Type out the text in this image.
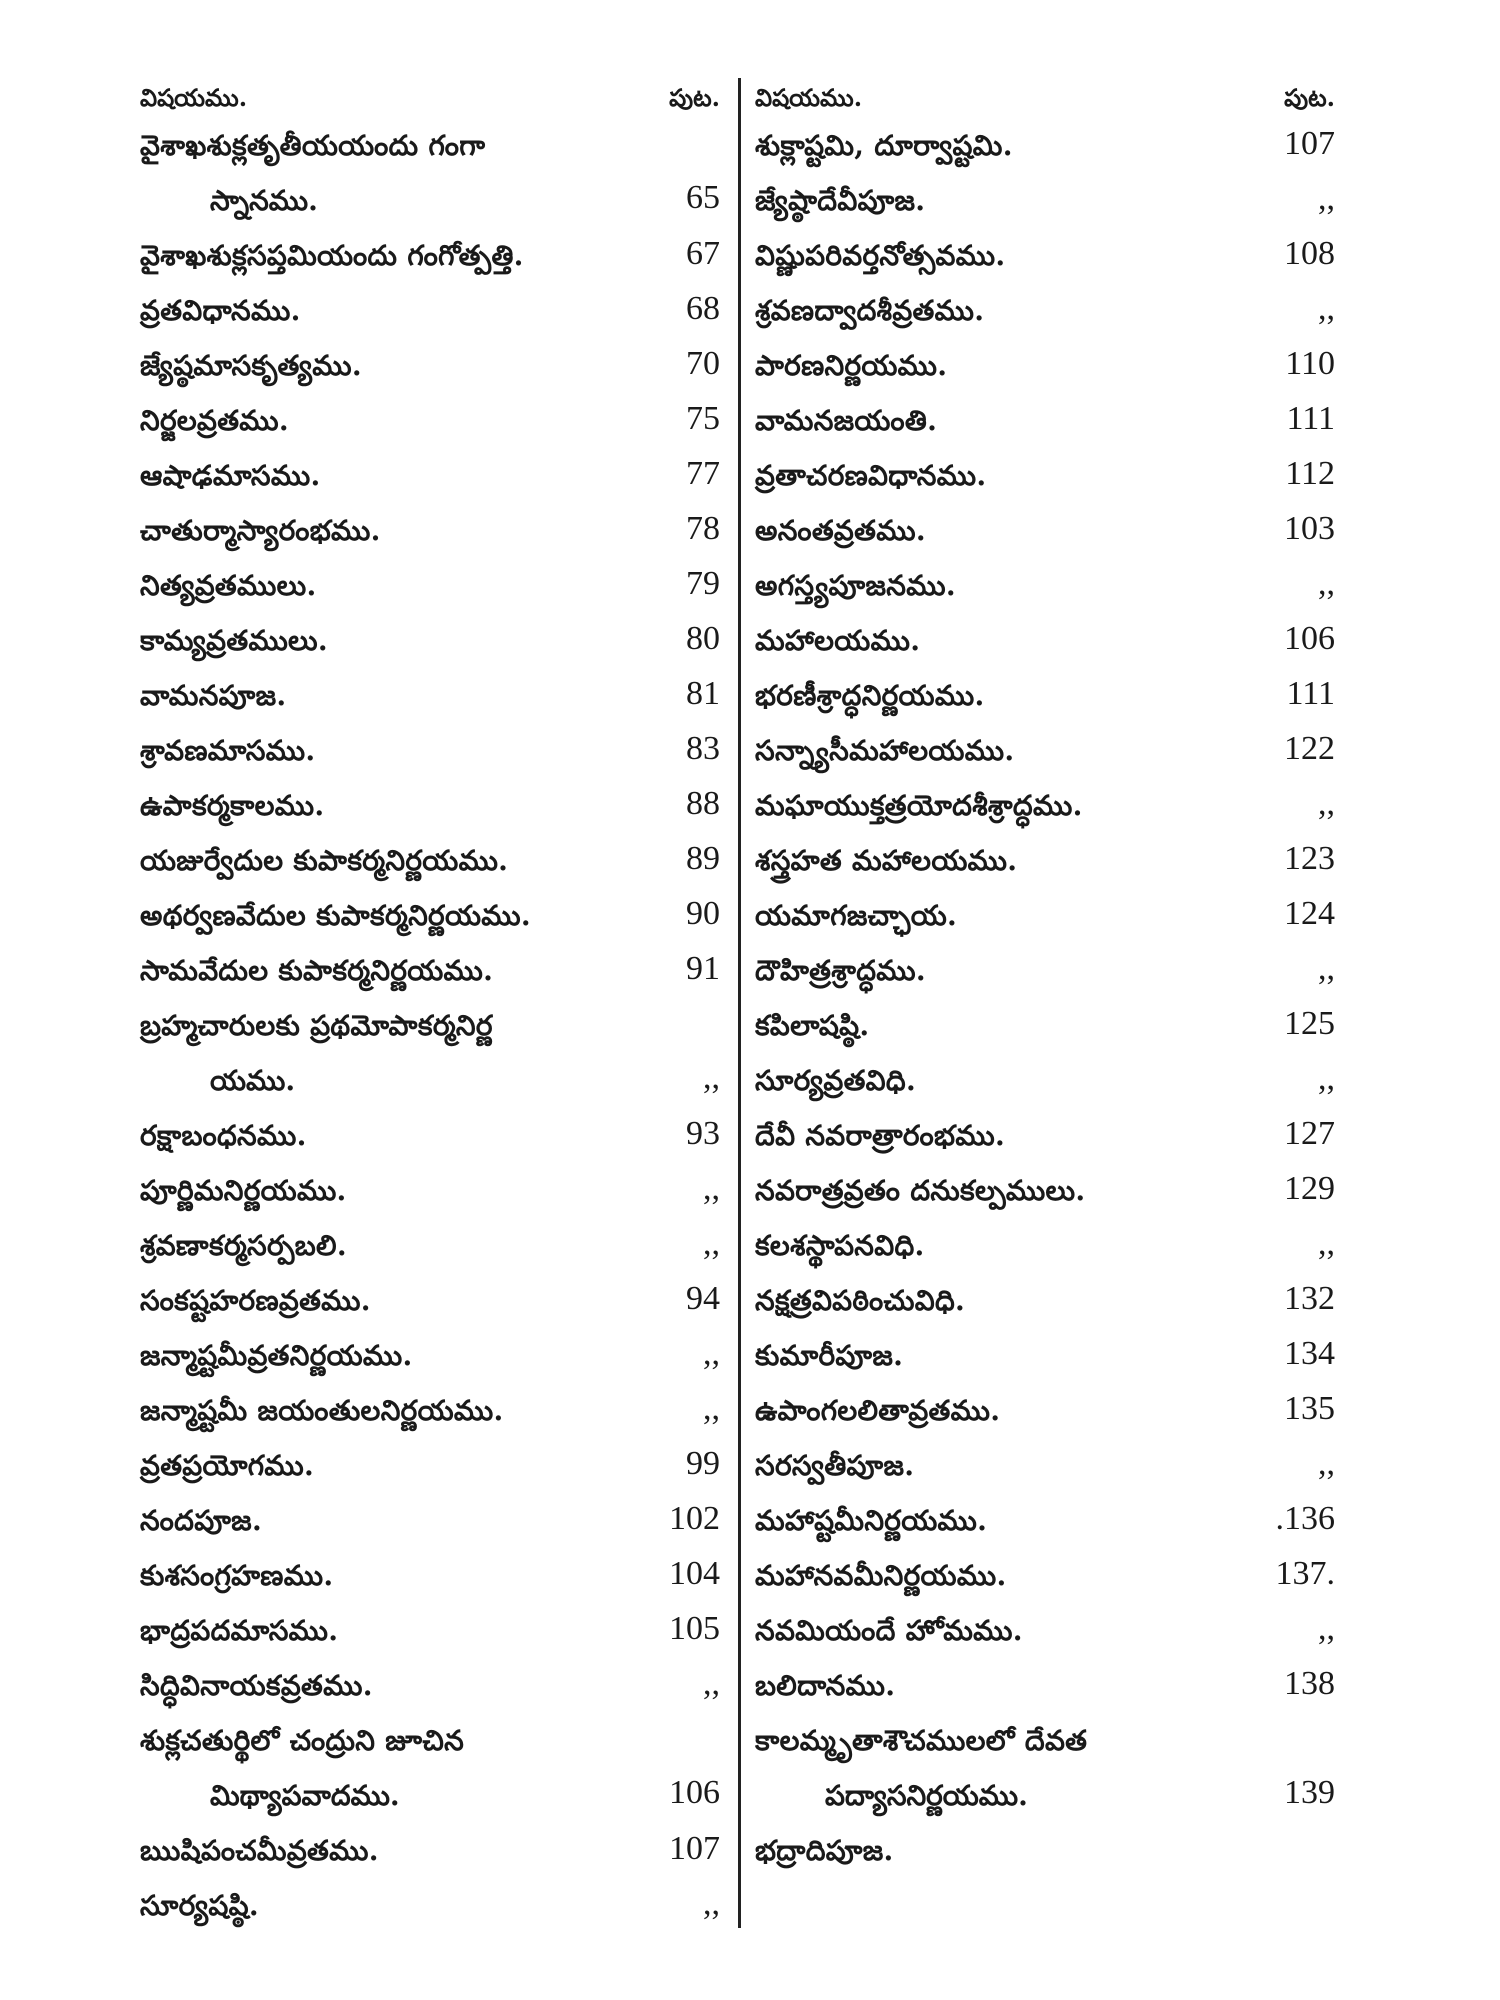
విషయము.	పుట.
వైశాఖశుక్లతృతీయయందు గంగా
స్నానము.	65
వైశాఖశుక్లసప్తమియందు గంగోత్పత్తి.	67
వ్రతవిధానము.	68
జ్యేష్ఠమాసకృత్యము.	70
నిర్జలవ్రతము.	75
ఆషాఢమాసము.	77
చాతుర్మాస్యారంభము.	78
నిత్యవ్రతములు.	79
కామ్యవ్రతములు.	80
వామనపూజ.	81
శ్రావణమాసము.	83
ఉపాకర్మకాలము.	88
యజుర్వేదుల కుపాకర్మనిర్ణయము.	89
అథర్వణవేదుల కుపాకర్మనిర్ణయము.	90
సామవేదుల కుపాకర్మనిర్ణయము.	91
బ్రహ్మచారులకు ప్రథమోపాకర్మనిర్ణ
యము.	,,
రక్షాబంధనము.	93
పూర్ణిమనిర్ణయము.	,,
శ్రవణాకర్మసర్పబలి.	,,
సంకష్టహరణవ్రతము.	94
జన్మాష్టమీవ్రతనిర్ణయము.	,,
జన్మాష్టమీ జయంతులనిర్ణయము.	,,
వ్రతప్రయోగము.	99
నందపూజ.	102
కుశసంగ్రహణము.	104
భాద్రపదమాసము.	105
సిద్ధివినాయకవ్రతము.	,,
శుక్లచతుర్థిలో చంద్రుని జూచిన
మిథ్యాపవాదము.	106
ఋషిపంచమీవ్రతము.	107
సూర్యషష్ఠి.	,,
విషయము.	పుట.
శుక్లాష్టమి, దూర్వాష్టమి.	107
జ్యేష్ఠాదేవీపూజ.	,,
విష్ణుపరివర్తనోత్సవము.	108
శ్రవణద్వాదశీవ్రతము.	,,
పారణనిర్ణయము.	110
వామనజయంతి.	111
వ్రతాచరణవిధానము.	112
అనంతవ్రతము.	103
అగస్త్యపూజనము.	,,
మహాలయము.	106
భరణీశ్రాద్ధనిర్ణయము.	111
సన్న్యాసీమహాలయము.	122
మఘాయుక్తత్రయోదశీశ్రాద్ధము.	,,
శస్త్రహత మహాలయము.	123
యమాగజచ్ఛాయ.	124
దౌహిత్రశ్రాద్ధము.	,,
కపిలాషష్ఠి.	125
సూర్యవ్రతవిధి.	,,
దేవీ నవరాత్రారంభము.	127
నవరాత్రవ్రతం దనుకల్పములు.	129
కలశస్థాపనవిధి.	,,
నక్షత్రవిపఠించువిధి.	132
కుమారీపూజ.	134
ఉపాంగలలితావ్రతము.	135
సరస్వతీపూజ.	,,
మహాష్టమీనిర్ణయము.	.136
మహానవమీనిర్ణయము.	137.
నవమియందే హోమము.	,,
బలిదానము.	138
కాలమ్మృతాశౌచములలో దేవత
పద్యాసనిర్ణయము.	139
భద్రాదిపూజ.
